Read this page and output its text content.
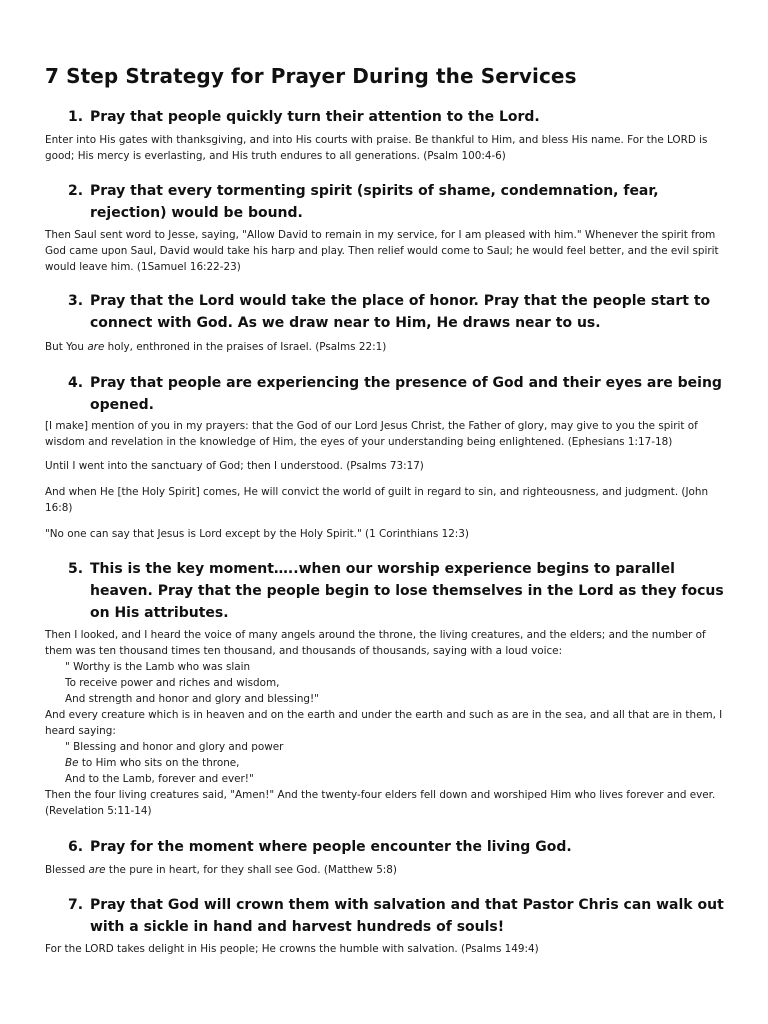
7 Step Strategy for Prayer During the Services
1. Pray that people quickly turn their attention to the Lord.
Enter into His gates with thanksgiving, and into His courts with praise. Be thankful to Him, and bless His name. For the LORD is good; His mercy is everlasting, and His truth endures to all generations. (Psalm 100:4-6)
2. Pray that every tormenting spirit (spirits of shame, condemnation, fear, rejection) would be bound.
Then Saul sent word to Jesse, saying, "Allow David to remain in my service, for I am pleased with him." Whenever the spirit from God came upon Saul, David would take his harp and play. Then relief would come to Saul; he would feel better, and the evil spirit would leave him. (1Samuel 16:22-23)
3. Pray that the Lord would take the place of honor. Pray that the people start to connect with God. As we draw near to Him, He draws near to us.
But You are holy, enthroned in the praises of Israel. (Psalms 22:1)
4. Pray that people are experiencing the presence of God and their eyes are being opened.
[I make] mention of you in my prayers: that the God of our Lord Jesus Christ, the Father of glory, may give to you the spirit of wisdom and revelation in the knowledge of Him, the eyes of your understanding being enlightened. (Ephesians 1:17-18)
Until I went into the sanctuary of God; then I understood. (Psalms 73:17)
And when He [the Holy Spirit] comes, He will convict the world of guilt in regard to sin, and righteousness, and judgment. (John 16:8)
"No one can say that Jesus is Lord except by the Holy Spirit." (1 Corinthians 12:3)
5. This is the key moment…..when our worship experience begins to parallel heaven. Pray that the people begin to lose themselves in the Lord as they focus on His attributes.
Then I looked, and I heard the voice of many angels around the throne, the living creatures, and the elders; and the number of them was ten thousand times ten thousand, and thousands of thousands, saying with a loud voice:
" Worthy is the Lamb who was slain
To receive power and riches and wisdom,
And strength and honor and glory and blessing!"
And every creature which is in heaven and on the earth and under the earth and such as are in the sea, and all that are in them, I heard saying:
" Blessing and honor and glory and power
Be to Him who sits on the throne,
And to the Lamb, forever and ever!"
Then the four living creatures said, "Amen!" And the twenty-four elders fell down and worshiped Him who lives forever and ever. (Revelation 5:11-14)
6. Pray for the moment where people encounter the living God.
Blessed are the pure in heart, for they shall see God. (Matthew 5:8)
7. Pray that God will crown them with salvation and that Pastor Chris can walk out with a sickle in hand and harvest hundreds of souls!
For the LORD takes delight in His people; He crowns the humble with salvation. (Psalms 149:4)
